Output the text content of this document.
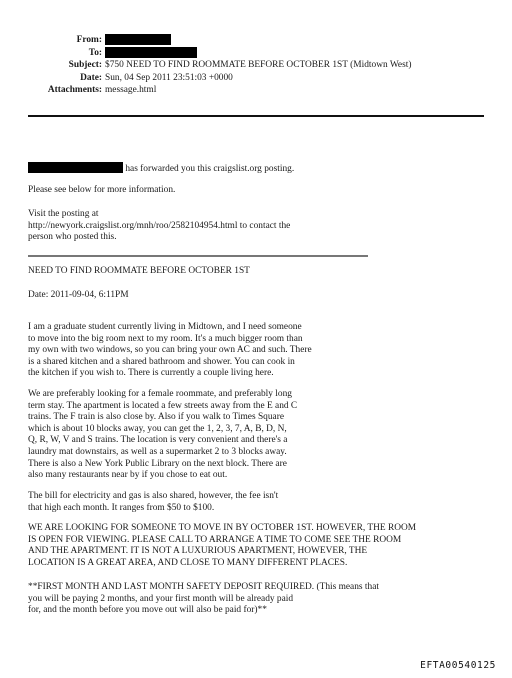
From:
To:
Subject: $750 NEED TO FIND ROOMMATE BEFORE OCTOBER 1ST (Midtown West)
Date: Sun, 04 Sep 2011 23:51:03 +0000
Attachments: message.html
has forwarded you this craigslist.org posting.
Please see below for more information.

Visit the posting at

http://newyork.craigslist.org/mnh/roo/2582104954.html to contact the

person who posted this.

NEED TO FIND ROOMMATE BEFORE OCTOBER 1ST
Date: 2011-09-04, 6:11PM

I am a graduate student currently living in Midtown, and I need someone

to move into the big room next to my room. It's a much bigger room than

my own with two windows, so you can bring your own AC and such. There

is a shared kitchen and a shared bathroom and shower. You can cook in

the kitchen if you wish to. There is currently a couple living here.

We are preferably looking for a female roommate, and preferably long

term stay. The apartment is located a few streets away from the E and C

trains. The F train is also close by. Also if you walk to Times Square

which is about 10 blocks away, you can get the 1, 2, 3, 7, A, B, D, N,

Q, R, W, V and S trains. The location is very convenient and there's a

laundry mat downstairs, as well as a supermarket 2 to 3 blocks away.

There is also a New York Public Library on the next block. There are

also many restaurants near by if you chose to eat out.

The bill for electricity and gas is also shared, however, the fee isn't

that high each month. It ranges from $50 to $100.

WE ARE LOOKING FOR SOMEONE TO MOVE IN BY OCTOBER 1ST. HOWEVER, THE ROOM

IS OPEN FOR VIEWING. PLEASE CALL TO ARRANGE A TIME TO COME SEE THE ROOM

AND THE APARTMENT. IT IS NOT A LUXURIOUS APARTMENT, HOWEVER, THE

LOCATION IS A GREAT AREA, AND CLOSE TO MANY DIFFERENT PLACES.

**FIRST MONTH AND LAST MONTH SAFETY DEPOSIT REQUIRED. (This means that

you will be paying 2 months, and your first month will be already paid

for, and the month before you move out will also be paid for)**

EFTA00540125
